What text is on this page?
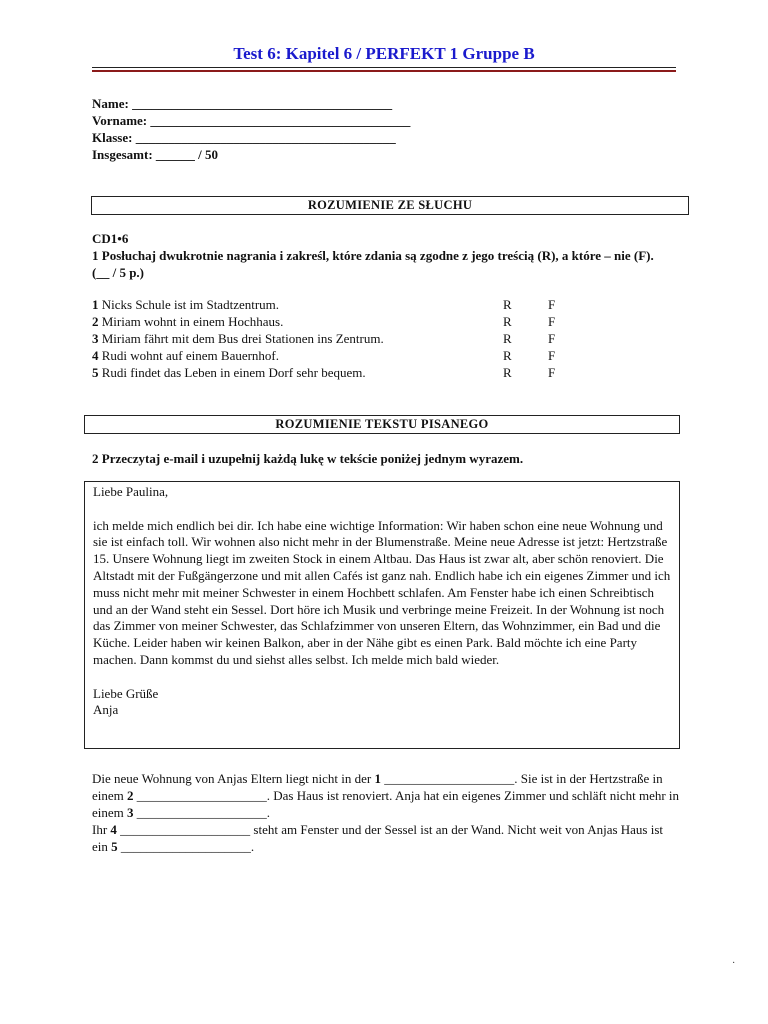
Test 6: Kapitel 6 / PERFEKT 1 Gruppe B
Name: ________________________________________
Vorname: ________________________________________
Klasse: ________________________________________
Insgesamt: ______ / 50
ROZUMIENIE ZE SŁUCHU
CD1•6
1 Posłuchaj dwukrotnie nagrania i zakreśl, które zdania są zgodne z jego treścią (R), a które – nie (F). (__ / 5 p.)
1 Nicks Schule ist im Stadtzentrum.	R	F
2 Miriam wohnt in einem Hochhaus.	R	F
3 Miriam fährt mit dem Bus drei Stationen ins Zentrum.	R	F
4 Rudi wohnt auf einem Bauernhof.	R	F
5 Rudi findet das Leben in einem Dorf sehr bequem.	R	F
ROZUMIENIE TEKSTU PISANEGO
2 Przeczytaj e-mail i uzupełnij każdą lukę w tekście poniżej jednym wyrazem.

Liebe Paulina,

ich melde mich endlich bei dir. Ich habe eine wichtige Information: Wir haben schon eine neue Wohnung und sie ist einfach toll. Wir wohnen also nicht mehr in der Blumenstraße. Meine neue Adresse ist jetzt: Hertzstraße 15. Unsere Wohnung liegt im zweiten Stock in einem Altbau. Das Haus ist zwar alt, aber schön renoviert. Die Altstadt mit der Fußgängerzone und mit allen Cafés ist ganz nah. Endlich habe ich ein eigenes Zimmer und ich muss nicht mehr mit meiner Schwester in einem Hochbett schlafen. Am Fenster habe ich einen Schreibtisch und an der Wand steht ein Sessel. Dort höre ich Musik und verbringe meine Freizeit. In der Wohnung ist noch das Zimmer von meiner Schwester, das Schlafzimmer von unseren Eltern, das Wohnzimmer, ein Bad und die Küche. Leider haben wir keinen Balkon, aber in der Nähe gibt es einen Park. Bald möchte ich eine Party machen. Dann kommst du und siehst alles selbst. Ich melde mich bald wieder.

Liebe Grüße

Anja

Die neue Wohnung von Anjas Eltern liegt nicht in der 1 ____________________. Sie ist in der Hertzstraße in einem 2 ____________________. Das Haus ist renoviert. Anja hat ein eigenes Zimmer und schläft nicht mehr in einem 3 ____________________.
Ihr 4 ____________________ steht am Fenster und der Sessel ist an der Wand. Nicht weit von Anjas Haus ist ein 5 ____________________.
·
